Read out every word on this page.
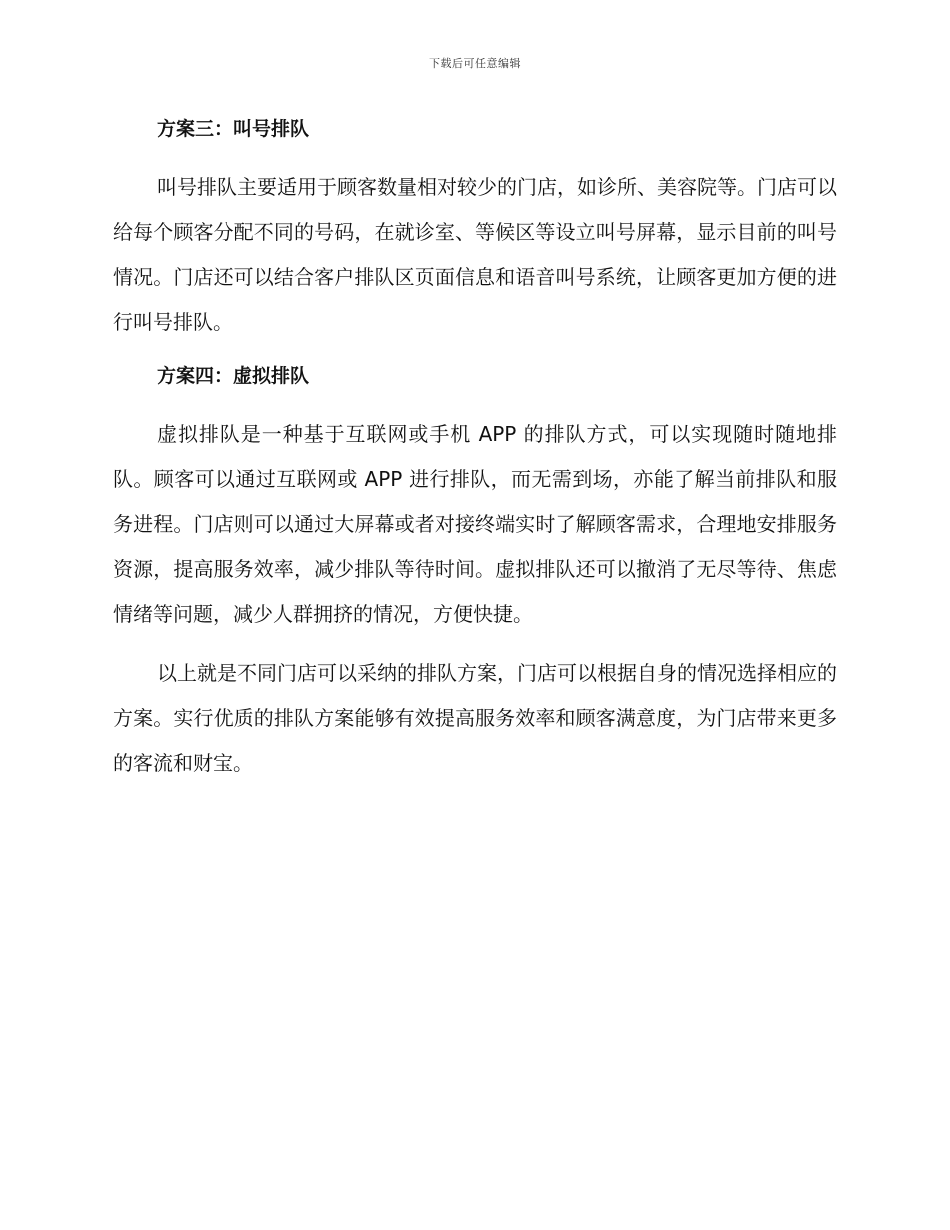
下载后可任意编辑

方案三：叫号排队

叫号排队主要适用于顾客数量相对较少的门店，如诊所、美容院等。门店可以给每个顾客分配不同的号码，在就诊室、等候区等设立叫号屏幕，显示目前的叫号情况。门店还可以结合客户排队区页面信息和语音叫号系统，让顾客更加方便的进行叫号排队。

方案四：虚拟排队

虚拟排队是一种基于互联网或手机 APP 的排队方式，可以实现随时随地排队。顾客可以通过互联网或 APP 进行排队，而无需到场，亦能了解当前排队和服务进程。门店则可以通过大屏幕或者对接终端实时了解顾客需求，合理地安排服务资源，提高服务效率，减少排队等待时间。虚拟排队还可以撤消了无尽等待、焦虑情绪等问题，减少人群拥挤的情况，方便快捷。

以上就是不同门店可以采纳的排队方案，门店可以根据自身的情况选择相应的方案。实行优质的排队方案能够有效提高服务效率和顾客满意度，为门店带来更多的客流和财宝。
